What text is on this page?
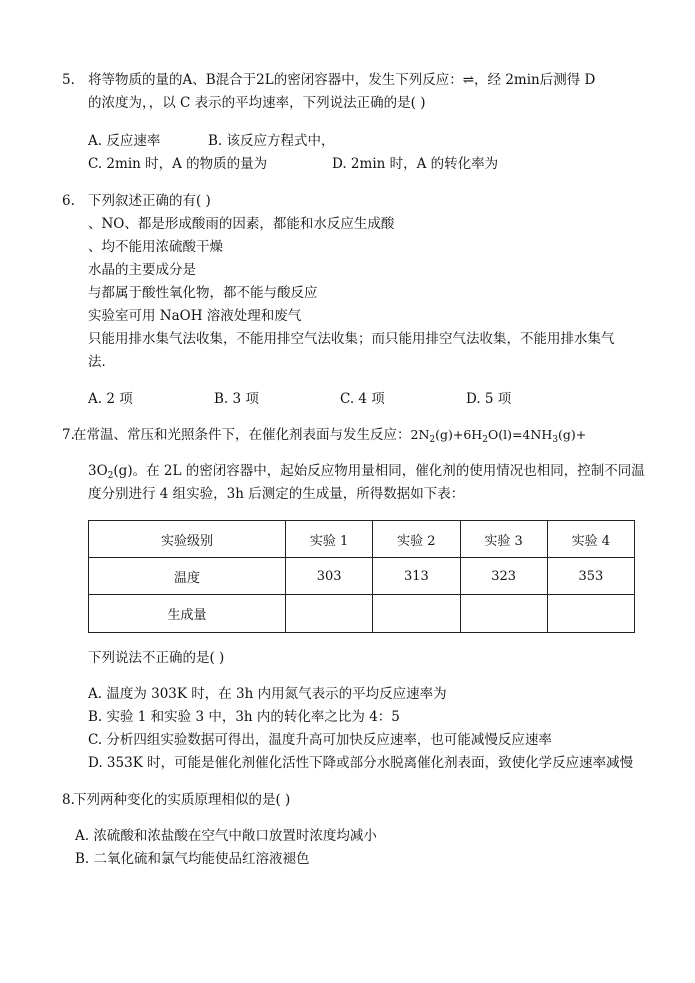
5. 将等物质的量的A、B混合于2L的密闭容器中，发生下列反应：⇌，经 2min后测得 D
的浓度为，，以 C 表示的平均速率，下列说法正确的是( )
A. 反应速率	B. 该反应方程式中，
C. 2min 时，A 的物质的量为	D. 2min 时，A 的转化率为
6. 下列叙述正确的有( )
、NO、都是形成酸雨的因素，都能和水反应生成酸
、均不能用浓硫酸干燥
水晶的主要成分是
与都属于酸性氧化物，都不能与酸反应
实验室可用 NaOH 溶液处理和废气
只能用排水集气法收集，不能用排空气法收集；而只能用排空气法收集，不能用排水集气
法．
A. 2 项	B. 3 项	C. 4 项	D. 5 项
7.
在常温、常压和光照条件下，在催化剂表面与发生反应：$2N_2(g)+6H_2O(l)=4NH_3(g)+$
$3O_2(g)$。在 2L 的密闭容器中，起始反应物用量相同，催化剂的使用情况也相同，控制不同温
度分别进行 4 组实验，3h 后测定的生成量，所得数据如下表：
实验级别	实验 1	实验 2	实验 3	实验 4
温度	303	313	323	353
生成量				
下列说法不正确的是( )
A. 温度为 303K 时，在 3h 内用氮气表示的平均反应速率为
B. 实验 1 和实验 3 中，3h 内的转化率之比为 4：5
C. 分析四组实验数据可得出，温度升高可加快反应速率，也可能减慢反应速率
D. 353K 时，可能是催化剂催化活性下降或部分水脱离催化剂表面，致使化学反应速率减慢
8.
下列两种变化的实质原理相似的是( )
A. 浓硫酸和浓盐酸在空气中敞口放置时浓度均减小
B. 二氧化硫和氯气均能使品红溶液褪色
